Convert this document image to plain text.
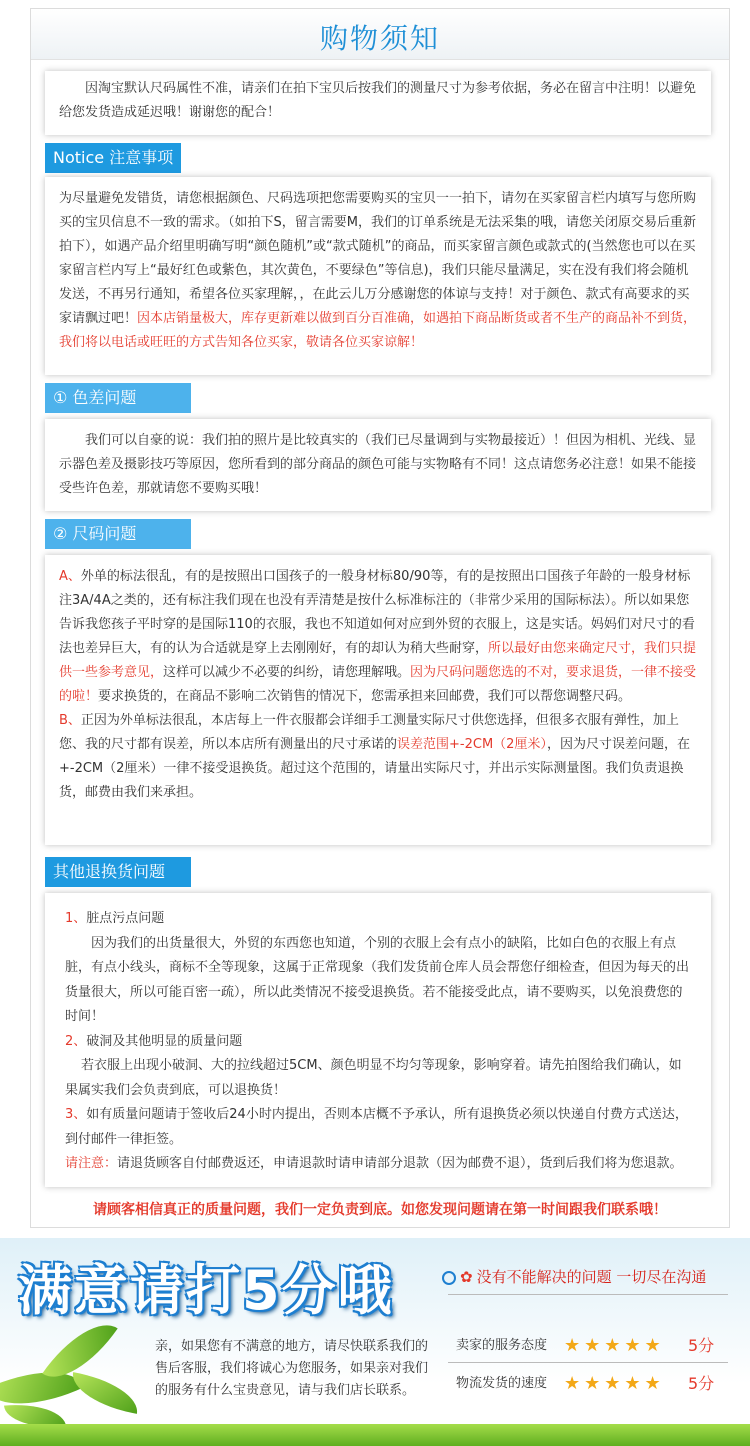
购物须知
因淘宝默认尺码属性不准，请亲们在拍下宝贝后按我们的测量尺寸为参考依据，务必在留言中注明！以避免给您发货造成延迟哦！谢谢您的配合！
Notice 注意事项
为尽量避免发错货，请您根据颜色、尺码选项把您需要购买的宝贝一一拍下，请勿在买家留言栏内填写与您所购买的宝贝信息不一致的需求。（如拍下S，留言需要M，我们的订单系统是无法采集的哦，请您关闭原交易后重新拍下），如遇产品介绍里明确写明“颜色随机”或“款式随机”的商品，而买家留言颜色或款式的(当然您也可以在买家留言栏内写上“最好红色或紫色，其次黄色，不要绿色”等信息)，我们只能尽量满足，实在没有我们将会随机发送，不再另行通知，希望各位买家理解，，在此云儿万分感谢您的体谅与支持！对于颜色、款式有高要求的买家请飘过吧！因本店销量极大，库存更新难以做到百分百准确，如遇拍下商品断货或者不生产的商品补不到货，我们将以电话或旺旺的方式告知各位买家，敬请各位买家谅解！
① 色差问题
我们可以自豪的说：我们拍的照片是比较真实的（我们已尽量调到与实物最接近）！但因为相机、光线、显示器色差及摄影技巧等原因，您所看到的部分商品的颜色可能与实物略有不同！这点请您务必注意！如果不能接受些许色差，那就请您不要购买哦！
② 尺码问题
A、外单的标法很乱，有的是按照出口国孩子的一般身材标80/90等，有的是按照出口国孩子年龄的一般身材标注3A/4A之类的，还有标注我们现在也没有弄清楚是按什么标准标注的（非常少采用的国际标法）。所以如果您告诉我您孩子平时穿的是国际110的衣服，我也不知道如何对应到外贸的衣服上，这是实话。妈妈们对尺寸的看法也差异巨大，有的认为合适就是穿上去刚刚好，有的却认为稍大些耐穿，所以最好由您来确定尺寸，我们只提供一些参考意见，这样可以减少不必要的纠纷，请您理解哦。因为尺码问题您选的不对，要求退货，一律不接受的啦！要求换货的，在商品不影响二次销售的情况下，您需承担来回邮费，我们可以帮您调整尺码。
B、正因为外单标法很乱，本店每上一件衣服都会详细手工测量实际尺寸供您选择，但很多衣服有弹性，加上您、我的尺寸都有误差，所以本店所有测量出的尺寸承诺的误差范围+-2CM（2厘米），因为尺寸误差问题，在+-2CM（2厘米）一律不接受退换货。超过这个范围的，请量出实际尺寸，并出示实际测量图。我们负责退换货，邮费由我们来承担。
其他退换货问题
1、脏点污点问题
因为我们的出货量很大，外贸的东西您也知道，个别的衣服上会有点小的缺陷，比如白色的衣服上有点脏，有点小线头，商标不全等现象，这属于正常现象（我们发货前仓库人员会帮您仔细检查，但因为每天的出货量很大，所以可能百密一疏），所以此类情况不接受退换货。若不能接受此点，请不要购买，以免浪费您的时间！
2、破洞及其他明显的质量问题
若衣服上出现小破洞、大的拉线超过5CM、颜色明显不均匀等现象，影响穿着。请先拍图给我们确认，如果属实我们会负责到底，可以退换货！
3、如有质量问题请于签收后24小时内提出，否则本店概不予承认，所有退换货必须以快递自付费方式送达，到付邮件一律拒签。
请注意：请退货顾客自付邮费返还，申请退款时请申请部分退款（因为邮费不退），货到后我们将为您退款。
请顾客相信真正的质量问题，我们一定负责到底。如您发现问题请在第一时间跟我们联系哦！
满意请打5分哦
亲，如果您有不满意的地方，请尽快联系我们的售后客服，我们将诚心为您服务，如果亲对我们的服务有什么宝贵意见，请与我们店长联系。
✿ 没有不能解决的问题 一切尽在沟通
卖家的服务态度 ★★★★★ 5分
物流发货的速度 ★★★★★ 5分
